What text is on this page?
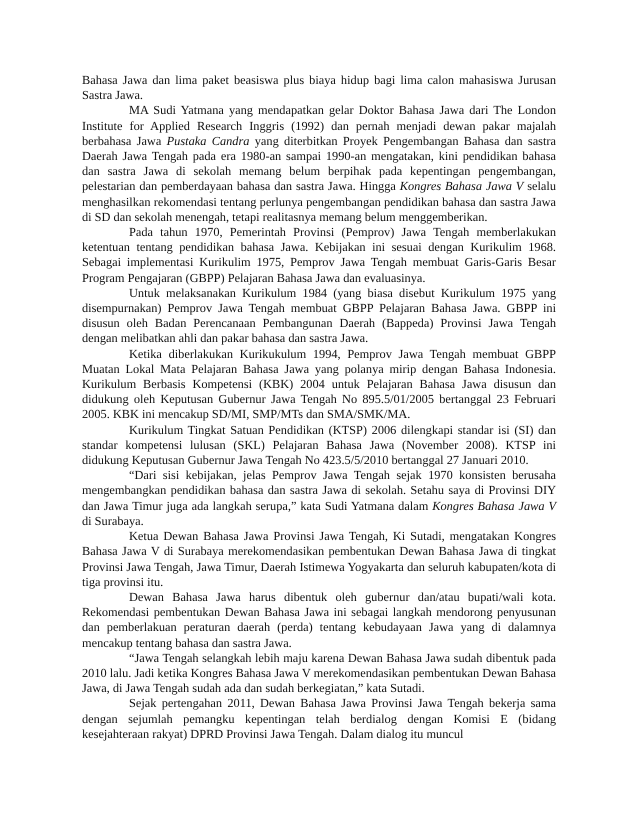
Bahasa Jawa dan lima paket beasiswa plus biaya hidup bagi lima calon mahasiswa Jurusan Sastra Jawa.

MA Sudi Yatmana yang mendapatkan gelar Doktor Bahasa Jawa dari The London Institute for Applied Research Inggris (1992) dan pernah menjadi dewan pakar majalah berbahasa Jawa Pustaka Candra yang diterbitkan Proyek Pengembangan Bahasa dan sastra Daerah Jawa Tengah pada era 1980-an sampai 1990-an mengatakan, kini pendidikan bahasa dan sastra Jawa di sekolah memang belum berpihak pada kepentingan pengembangan, pelestarian dan pemberdayaan bahasa dan sastra Jawa. Hingga Kongres Bahasa Jawa V selalu menghasilkan rekomendasi tentang perlunya pengembangan pendidikan bahasa dan sastra Jawa di SD dan sekolah menengah, tetapi realitasnya memang belum menggemberikan.

Pada tahun 1970, Pemerintah Provinsi (Pemprov) Jawa Tengah memberlakukan ketentuan tentang pendidikan bahasa Jawa. Kebijakan ini sesuai dengan Kurikulim 1968. Sebagai implementasi Kurikulim 1975, Pemprov Jawa Tengah membuat Garis-Garis Besar Program Pengajaran (GBPP) Pelajaran Bahasa Jawa dan evaluasinya.

Untuk melaksanakan Kurikulum 1984 (yang biasa disebut Kurikulum 1975 yang disempurnakan) Pemprov Jawa Tengah membuat GBPP Pelajaran Bahasa Jawa. GBPP ini disusun oleh Badan Perencanaan Pembangunan Daerah (Bappeda) Provinsi Jawa Tengah dengan melibatkan ahli dan pakar bahasa dan sastra Jawa.

Ketika diberlakukan Kurikukulum 1994, Pemprov Jawa Tengah membuat GBPP Muatan Lokal Mata Pelajaran Bahasa Jawa yang polanya mirip dengan Bahasa Indonesia. Kurikulum Berbasis Kompetensi (KBK) 2004 untuk Pelajaran Bahasa Jawa disusun dan didukung oleh Keputusan Gubernur Jawa Tengah No 895.5/01/2005 bertanggal 23 Februari 2005. KBK ini mencakup SD/MI, SMP/MTs dan SMA/SMK/MA.

Kurikulum Tingkat Satuan Pendidikan (KTSP) 2006 dilengkapi standar isi (SI) dan standar kompetensi lulusan (SKL) Pelajaran Bahasa Jawa (November 2008). KTSP ini didukung Keputusan Gubernur Jawa Tengah No 423.5/5/2010 bertanggal 27 Januari 2010.

“Dari sisi kebijakan, jelas Pemprov Jawa Tengah sejak 1970 konsisten berusaha mengembangkan pendidikan bahasa dan sastra Jawa di sekolah. Setahu saya di Provinsi DIY dan Jawa Timur juga ada langkah serupa,” kata Sudi Yatmana dalam Kongres Bahasa Jawa V di Surabaya.

Ketua Dewan Bahasa Jawa Provinsi Jawa Tengah, Ki Sutadi, mengatakan Kongres Bahasa Jawa V di Surabaya merekomendasikan pembentukan Dewan Bahasa Jawa di tingkat Provinsi Jawa Tengah, Jawa Timur, Daerah Istimewa Yogyakarta dan seluruh kabupaten/kota di tiga provinsi itu.

Dewan Bahasa Jawa harus dibentuk oleh gubernur dan/atau bupati/wali kota. Rekomendasi pembentukan Dewan Bahasa Jawa ini sebagai langkah mendorong penyusunan dan pemberlakuan peraturan daerah (perda) tentang kebudayaan Jawa yang di dalamnya mencakup tentang bahasa dan sastra Jawa.

“Jawa Tengah selangkah lebih maju karena Dewan Bahasa Jawa sudah dibentuk pada 2010 lalu. Jadi ketika Kongres Bahasa Jawa V merekomendasikan pembentukan Dewan Bahasa Jawa, di Jawa Tengah sudah ada dan sudah berkegiatan,” kata Sutadi.

Sejak pertengahan 2011, Dewan Bahasa Jawa Provinsi Jawa Tengah bekerja sama dengan sejumlah pemangku kepentingan telah berdialog dengan Komisi E (bidang kesejahteraan rakyat) DPRD Provinsi Jawa Tengah. Dalam dialog itu muncul
